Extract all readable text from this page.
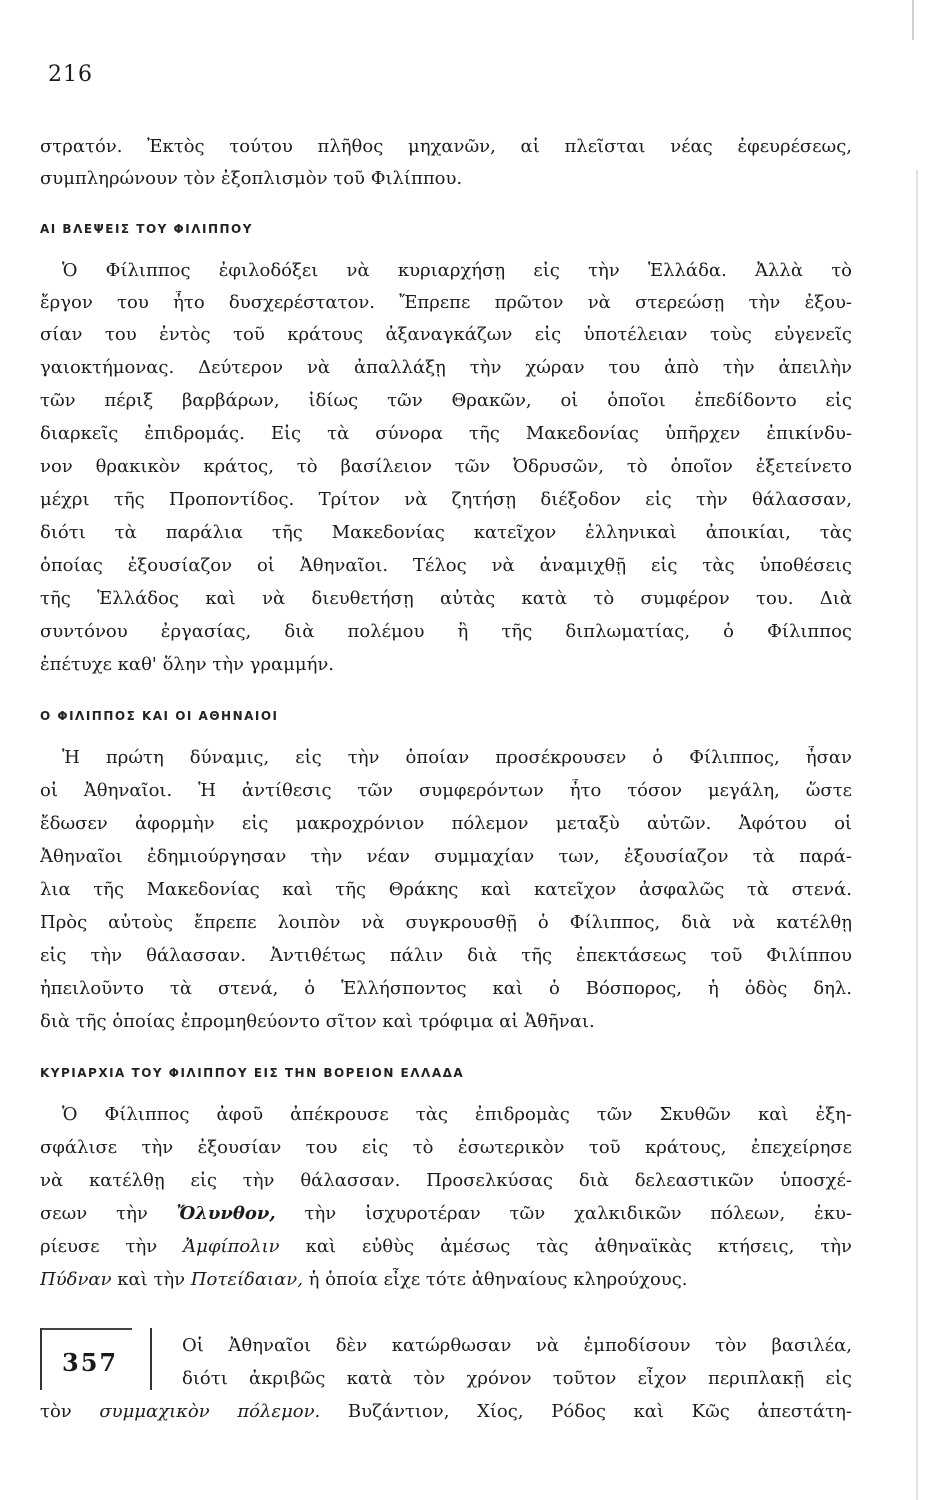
216

στρατόν. Ἐκτὸς τούτου πλῆθος μηχανῶν, αἱ πλεῖσται νέας ἐφευρέσεως,

συμπληρώνουν τὸν ἐξοπλισμὸν τοῦ Φιλίππου.

ΑΙ ΒΛΕΨΕΙΣ ΤΟΥ ΦΙΛΙΠΠΟΥ

Ὁ Φίλιππος ἐφιλοδόξει νὰ κυριαρχήσῃ εἰς τὴν Ἑλλάδα. Ἀλλὰ τὸ

ἔργον του ἦτο δυσχερέστατον. Ἔπρεπε πρῶτον νὰ στερεώσῃ τὴν ἐξου-

σίαν του ἐντὸς τοῦ κράτους ἀξαναγκάζων εἰς ὑποτέλειαν τοὺς εὐγενεῖς

γαιοκτήμονας. Δεύτερον νὰ ἀπαλλάξῃ τὴν χώραν του ἀπὸ τὴν ἀπειλὴν

τῶν πέριξ βαρβάρων, ἰδίως τῶν Θρακῶν, οἱ ὁποῖοι ἐπεδίδοντο εἰς

διαρκεῖς ἐπιδρομάς. Εἰς τὰ σύνορα τῆς Μακεδονίας ὑπῆρχεν ἐπικίνδυ-

νον θρακικὸν κράτος, τὸ βασίλειον τῶν Ὀδρυσῶν, τὸ ὁποῖον ἐξετείνετο

μέχρι τῆς Προποντίδος. Τρίτον νὰ ζητήσῃ διέξοδον εἰς τὴν θάλασσαν,

διότι τὰ παράλια τῆς Μακεδονίας κατεῖχον ἑλληνικαὶ ἀποικίαι, τὰς

ὁποίας ἐξουσίαζον οἱ Ἀθηναῖοι. Τέλος νὰ ἀναμιχθῇ εἰς τὰς ὑποθέσεις

τῆς Ἑλλάδος καὶ νὰ διευθετήσῃ αὐτὰς κατὰ τὸ συμφέρον του. Διὰ

συντόνου ἐργασίας, διὰ πολέμου ἢ τῆς διπλωματίας, ὁ Φίλιππος

ἐπέτυχε καθ' ὅλην τὴν γραμμήν.

Ο ΦΙΛΙΠΠΟΣ ΚΑΙ ΟΙ ΑΘΗΝΑΙΟΙ

Ἡ πρώτη δύναμις, εἰς τὴν ὁποίαν προσέκρουσεν ὁ Φίλιππος, ἦσαν

οἱ Ἀθηναῖοι. Ἡ ἀντίθεσις τῶν συμφερόντων ἦτο τόσον μεγάλη, ὥστε

ἔδωσεν ἀφορμὴν εἰς μακροχρόνιον πόλεμον μεταξὺ αὐτῶν. Ἀφότου οἱ

Ἀθηναῖοι ἐδημιούργησαν τὴν νέαν συμμαχίαν των, ἐξουσίαζον τὰ παρά-

λια τῆς Μακεδονίας καὶ τῆς Θράκης καὶ κατεῖχον ἀσφαλῶς τὰ στενά.

Πρὸς αὐτοὺς ἔπρεπε λοιπὸν νὰ συγκρουσθῇ ὁ Φίλιππος, διὰ νὰ κατέλθῃ

εἰς τὴν θάλασσαν. Ἀντιθέτως πάλιν διὰ τῆς ἐπεκτάσεως τοῦ Φιλίππου

ἠπειλοῦντο τὰ στενά, ὁ Ἑλλήσποντος καὶ ὁ Βόσπορος, ἡ ὁδὸς δηλ.

διὰ τῆς ὁποίας ἐπρομηθεύοντο σῖτον καὶ τρόφιμα αἱ Ἀθῆναι.

ΚΥΡΙΑΡΧΙΑ ΤΟΥ ΦΙΛΙΠΠΟΥ ΕΙΣ ΤΗΝ ΒΟΡΕΙΟΝ ΕΛΛΑΔΑ

Ὁ Φίλιππος ἀφοῦ ἀπέκρουσε τὰς ἐπιδρομὰς τῶν Σκυθῶν καὶ ἐξη-

σφάλισε τὴν ἐξουσίαν του εἰς τὸ ἐσωτερικὸν τοῦ κράτους, ἐπεχείρησε

νὰ κατέλθῃ εἰς τὴν θάλασσαν. Προσελκύσας διὰ δελεαστικῶν ὑποσχέ-

σεων τὴν Ὄλυνθον, τὴν ἰσχυροτέραν τῶν χαλκιδικῶν πόλεων, ἐκυ-

ρίευσε τὴν Ἀμφίπολιν καὶ εὐθὺς ἀμέσως τὰς ἀθηναϊκὰς κτήσεις, τὴν

Πύδναν καὶ τὴν Ποτείδαιαν, ἡ ὁποία εἶχε τότε ἀθηναίους κληρούχους.

357

Οἱ Ἀθηναῖοι δὲν κατώρθωσαν νὰ ἐμποδίσουν τὸν βασιλέα,

διότι ἀκριβῶς κατὰ τὸν χρόνον τοῦτον εἶχον περιπλακῇ εἰς

τὸν συμμαχικὸν πόλεμον. Βυζάντιον, Χίος, Ρόδος καὶ Κῶς ἀπεστάτη-
